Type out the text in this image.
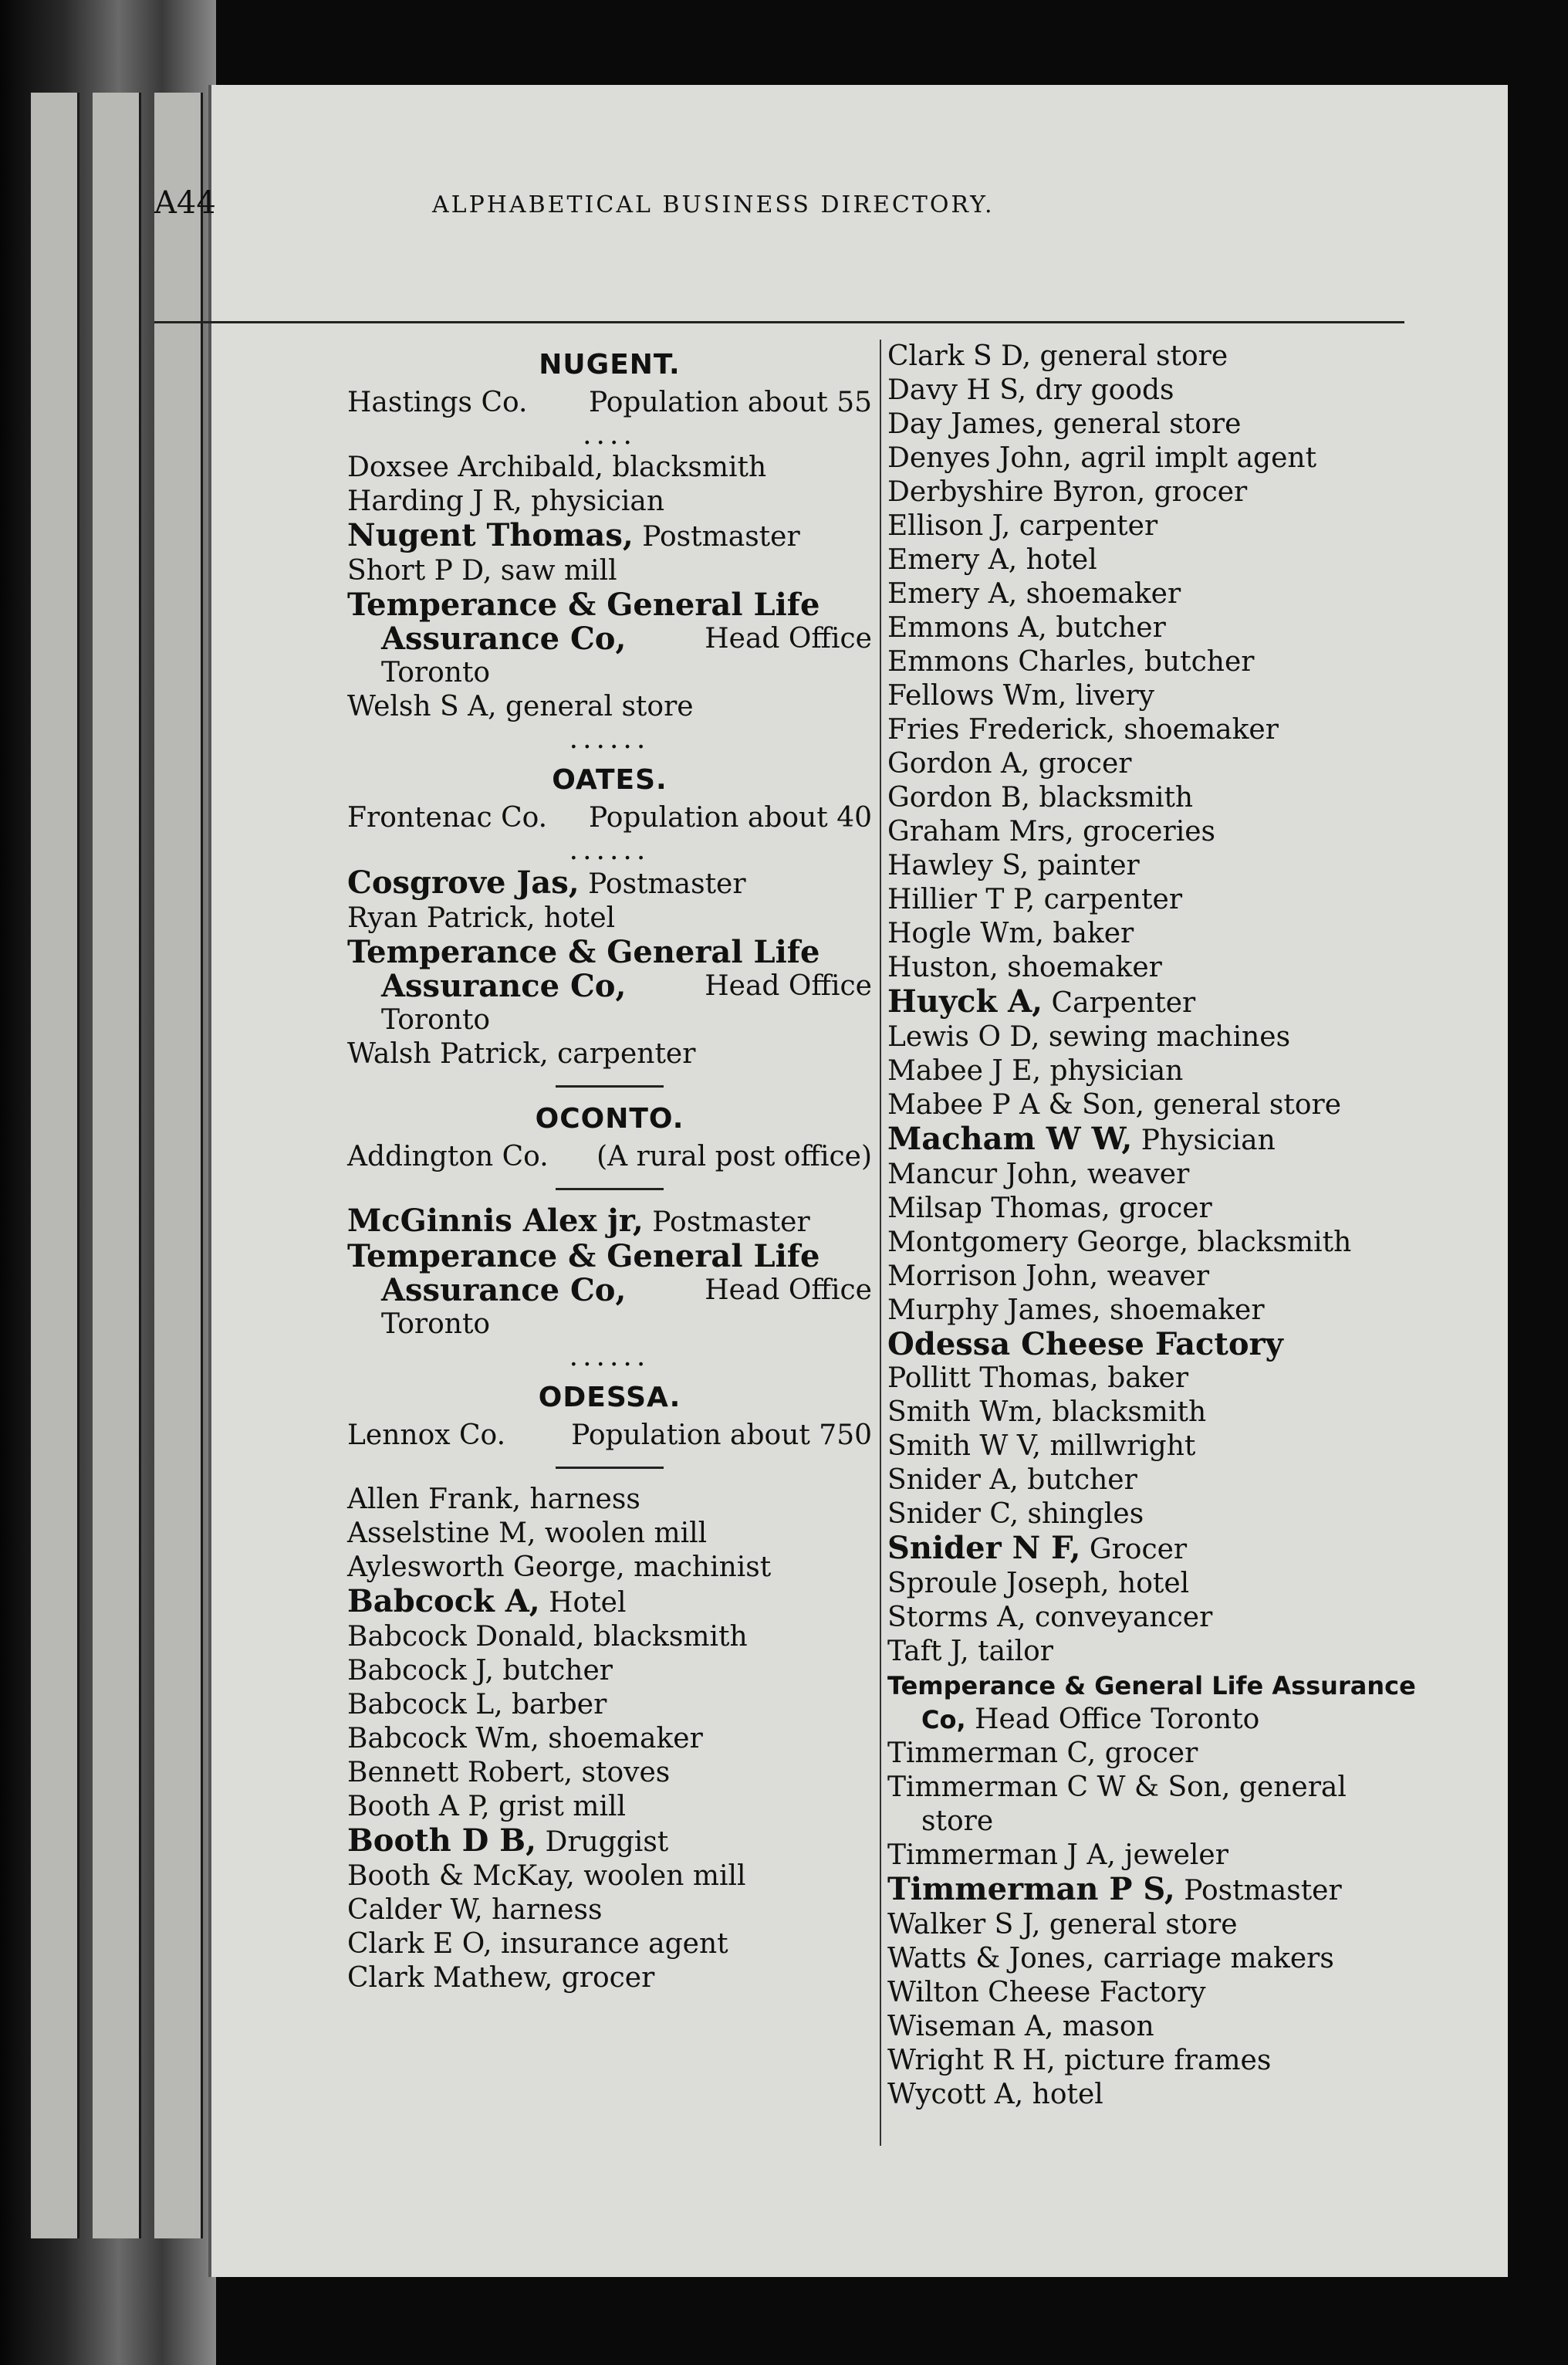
A44	ALPHABETICAL BUSINESS DIRECTORY.
NUGENT.
Hastings Co. Population about 55
....
Doxsee Archibald, blacksmith
Harding J R, physician
Nugent Thomas, Postmaster
Short P D, saw mill
Temperance & General Life
Assurance Co,	Head Office
Toronto
Welsh S A, general store
......
OATES.
Frontenac Co. Population about 40
......
Cosgrove Jas, Postmaster
Ryan Patrick, hotel
Temperance & General Life
Assurance Co,	Head Office
Toronto
Walsh Patrick, carpenter
OCONTO.
Addington Co. (A rural post office)
McGinnis Alex jr, Postmaster
Temperance & General Life
Assurance Co,	Head Office
Toronto
......
ODESSA.
Lennox Co. Population about 750
Allen Frank, harness
Asselstine M, woolen mill
Aylesworth George, machinist
Babcock A, Hotel
Babcock Donald, blacksmith
Babcock J, butcher
Babcock L, barber
Babcock Wm, shoemaker
Bennett Robert, stoves
Booth A P, grist mill
Booth D B, Druggist
Booth & McKay, woolen mill
Calder W, harness
Clark E O, insurance agent
Clark Mathew, grocer
Clark S D, general store
Davy H S, dry goods
Day James, general store
Denyes John, agril implt agent
Derbyshire Byron, grocer
Ellison J, carpenter
Emery A, hotel
Emery A, shoemaker
Emmons A, butcher
Emmons Charles, butcher
Fellows Wm, livery
Fries Frederick, shoemaker
Gordon A, grocer
Gordon B, blacksmith
Graham Mrs, groceries
Hawley S, painter
Hillier T P, carpenter
Hogle Wm, baker
Huston, shoemaker
Huyck A, Carpenter
Lewis O D, sewing machines
Mabee J E, physician
Mabee P A & Son, general store
Macham W W, Physician
Mancur John, weaver
Milsap Thomas, grocer
Montgomery George, blacksmith
Morrison John, weaver
Murphy James, shoemaker
Odessa Cheese Factory
Pollitt Thomas, baker
Smith Wm, blacksmith
Smith W V, millwright
Snider A, butcher
Snider C, shingles
Snider N F, Grocer
Sproule Joseph, hotel
Storms A, conveyancer
Taft J, tailor
Temperance & General Life Assurance
Co, Head Office Toronto
Timmerman C, grocer
Timmerman C W & Son, general
store
Timmerman J A, jeweler
Timmerman P S, Postmaster
Walker S J, general store
Watts & Jones, carriage makers
Wilton Cheese Factory
Wiseman A, mason
Wright R H, picture frames
Wycott A, hotel
